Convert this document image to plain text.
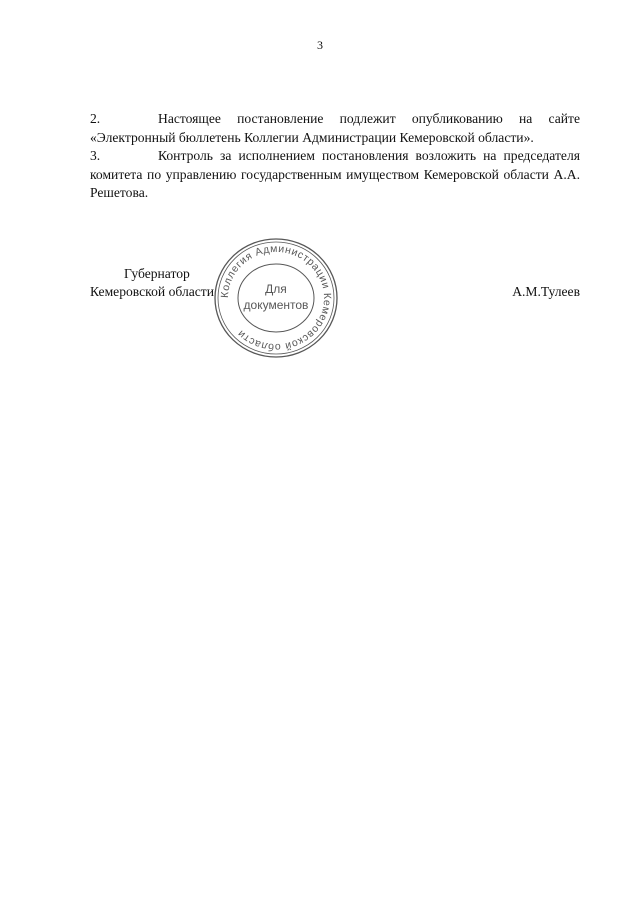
3

2.	Настоящее постановление подлежит опубликованию на сайте «Электронный бюллетень Коллегии Администрации Кемеровской области».

3.	Контроль за исполнением постановления возложить на председателя комитета по управлению государственным имуществом Кемеровской области А.А. Решетова.

Губернатор
Кемеровской области	А.М.Тулеев
Коллегия Администрации Кемеровской области
Для
документов
